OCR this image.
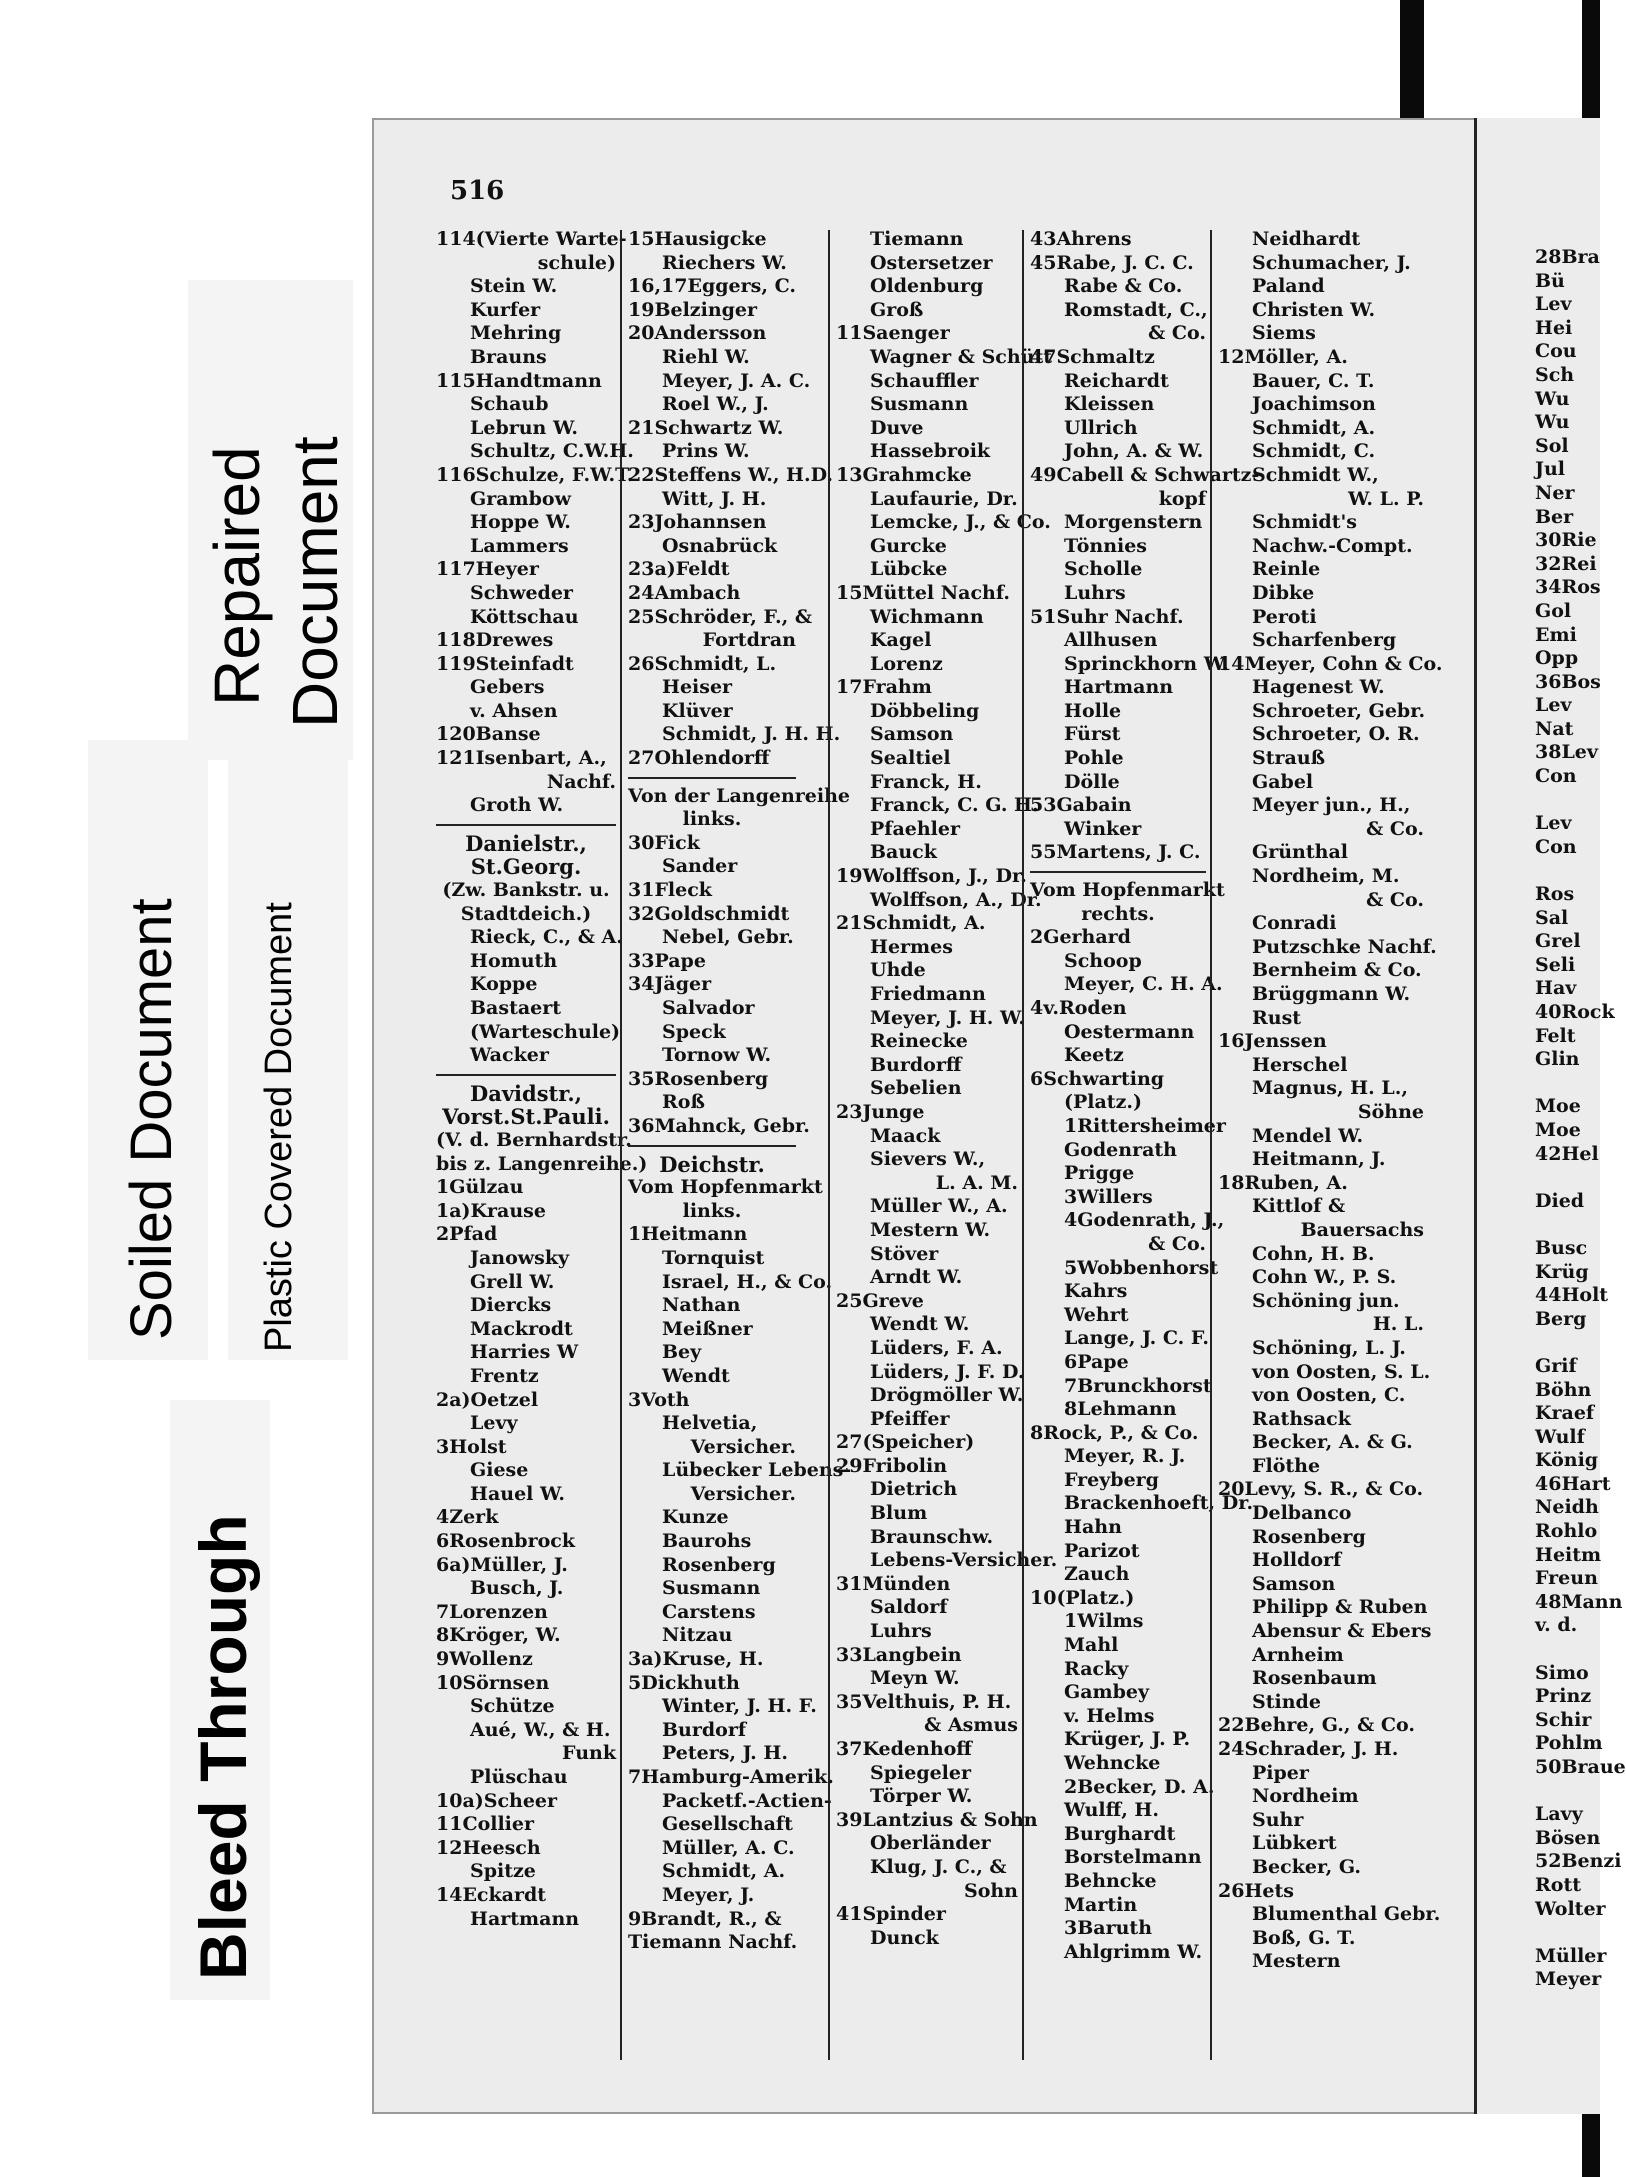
Repaired Document
Soiled Document Plastic Covered Document
Bleed Through
516
114(Vierte Warte-
schule)
Stein W.
Kurfer
Mehring
Brauns
115Handtmann
Schaub
Lebrun W.
Schultz, C.W.H.
116Schulze, F.W.T.
Grambow
Hoppe W.
Lammers
117Heyer
Schweder
Köttschau
118Drewes
119Steinfadt
Gebers
v. Ahsen
120Banse
121Isenbart, A.,
Nachf.
Groth W.
Danielstr.,
St.Georg.
(Zw. Bankstr. u.
Stadtdeich.)
Rieck, C., & A.
Homuth
Koppe
Bastaert
(Warteschule)
Wacker
Davidstr.,
Vorst.St.Pauli.
(V. d. Bernhardstr.
bis z. Langenreihe.)
1Gülzau
1a)Krause
2Pfad
Janowsky
Grell W.
Diercks
Mackrodt
Harries W
Frentz
2a)Oetzel
Levy
3Holst
Giese
Hauel W.
4Zerk
6Rosenbrock
6a)Müller, J.
Busch, J.
7Lorenzen
8Kröger, W.
9Wollenz
10Sörnsen
Schütze
Aué, W., & H.
Funk
Plüschau
10a)Scheer
11Collier
12Heesch
Spitze
14Eckardt
Hartmann
15Hausigcke
Riechers W.
16,17Eggers, C.
19Belzinger
20Andersson
Riehl W.
Meyer, J. A. C.
Roel W., J.
21Schwartz W.
Prins W.
22Steffens W., H.D.
Witt, J. H.
23Johannsen
Osnabrück
23a)Feldt
24Ambach
25Schröder, F., &
Fortdran
26Schmidt, L.
Heiser
Klüver
Schmidt, J. H. H.
27Ohlendorff
Von der Langenreihe
links.
30Fick
Sander
31Fleck
32Goldschmidt
Nebel, Gebr.
33Pape
34Jäger
Salvador
Speck
Tornow W.
35Rosenberg
Roß
36Mahnck, Gebr.
Deichstr.
Vom Hopfenmarkt
links.
1Heitmann
Tornquist
Israel, H., & Co.
Nathan
Meißner
Bey
Wendt
3Voth
Helvetia,
Versicher.
Lübecker Lebens-
Versicher.
Kunze
Baurohs
Rosenberg
Susmann
Carstens
Nitzau
3a)Kruse, H.
5Dickhuth
Winter, J. H. F.
Burdorf
Peters, J. H.
7Hamburg-Amerik.
Packetf.-Actien-
Gesellschaft
Müller, A. C.
Schmidt, A.
Meyer, J.
9Brandt, R., &
Tiemann Nachf.
Tiemann
Ostersetzer
Oldenburg
Groß
11Saenger
Wagner & Schütt
Schauffler
Susmann
Duve
Hassebroik
13Grahmcke
Laufaurie, Dr.
Lemcke, J., & Co.
Gurcke
Lübcke
15Müttel Nachf.
Wichmann
Kagel
Lorenz
17Frahm
Döbbeling
Samson
Sealtiel
Franck, H.
Franck, C. G. H.
Pfaehler
Bauck
19Wolffson, J., Dr.
Wolffson, A., Dr.
21Schmidt, A.
Hermes
Uhde
Friedmann
Meyer, J. H. W.
Reinecke
Burdorff
Sebelien
23Junge
Maack
Sievers W.,
L. A. M.
Müller W., A.
Mestern W.
Stöver
Arndt W.
25Greve
Wendt W.
Lüders, F. A.
Lüders, J. F. D.
Drögmöller W.
Pfeiffer
27(Speicher)
29Fribolin
Dietrich
Blum
Braunschw.
Lebens-Versicher.
31Münden
Saldorf
Luhrs
33Langbein
Meyn W.
35Velthuis, P. H.
& Asmus
37Kedenhoff
Spiegeler
Törper W.
39Lantzius & Sohn
Oberländer
Klug, J. C., &
Sohn
41Spinder
Dunck
43Ahrens
45Rabe, J. C. C.
Rabe & Co.
Romstadt, C.,
& Co.
47Schmaltz
Reichardt
Kleissen
Ullrich
John, A. & W.
49Cabell & Schwartz-
kopf
Morgenstern
Tönnies
Scholle
Luhrs
51Suhr Nachf.
Allhusen
Sprinckhorn W.
Hartmann
Holle
Fürst
Pohle
Dölle
53Gabain
Winker
55Martens, J. C.
Vom Hopfenmarkt
rechts.
2Gerhard
Schoop
Meyer, C. H. A.
4v.Roden
Oestermann
Keetz
6Schwarting
(Platz.)
1Rittersheimer
Godenrath
Prigge
3Willers
4Godenrath, J.,
& Co.
5Wobbenhorst
Kahrs
Wehrt
Lange, J. C. F.
6Pape
7Brunckhorst
8Lehmann
8Rock, P., & Co.
Meyer, R. J.
Freyberg
Brackenhoeft, Dr.
Hahn
Parizot
Zauch
10(Platz.)
1Wilms
Mahl
Racky
Gambey
v. Helms
Krüger, J. P.
Wehncke
2Becker, D. A.
Wulff, H.
Burghardt
Borstelmann
Behncke
Martin
3Baruth
Ahlgrimm W.
Neidhardt
Schumacher, J.
Paland
Christen W.
Siems
12Möller, A.
Bauer, C. T.
Joachimson
Schmidt, A.
Schmidt, C.
Schmidt W.,
W. L. P.
Schmidt's
Nachw.-Compt.
Reinle
Dibke
Peroti
Scharfenberg
14Meyer, Cohn & Co.
Hagenest W.
Schroeter, Gebr.
Schroeter, O. R.
Strauß
Gabel
Meyer jun., H.,
& Co.
Grünthal
Nordheim, M.
& Co.
Conradi
Putzschke Nachf.
Bernheim & Co.
Brüggmann W.
Rust
16Jenssen
Herschel
Magnus, H. L.,
Söhne
Mendel W.
Heitmann, J.
18Ruben, A.
Kittlof &
Bauersachs
Cohn, H. B.
Cohn W., P. S.
Schöning jun.
H. L.
Schöning, L. J.
von Oosten, S. L.
von Oosten, C.
Rathsack
Becker, A. & G.
Flöthe
20Levy, S. R., & Co.
Delbanco
Rosenberg
Holldorf
Samson
Philipp & Ruben
Abensur & Ebers
Arnheim
Rosenbaum
Stinde
22Behre, G., & Co.
24Schrader, J. H.
Piper
Nordheim
Suhr
Lübkert
Becker, G.
26Hets
Blumenthal Gebr.
Boß, G. T.
Mestern
28Bra
Bü
Lev
Hei
Cou
Sch
Wu
Wu
Sol
Jul
Ner
Ber
30Rie
32Rei
34Ros
Gol
Emi
Opp
36Bos
Lev
Nat
38Lev
Con
Lev
Con
Ros
Sal
Grel
Seli
Hav
40Rock
Felt
Glin
Moe
Moe
42Hel
Died
Busc
Krüg
44Holt
Berg
Grif
Böhn
Kraef
Wulf
König
46Hart
Neidh
Rohlo
Heitm
Freun
48Mann
v. d.
Simo
Prinz
Schir
Pohlm
50Braue
Lavy
Bösen
52Benzi
Rott
Wolter
Müller
Meyer
